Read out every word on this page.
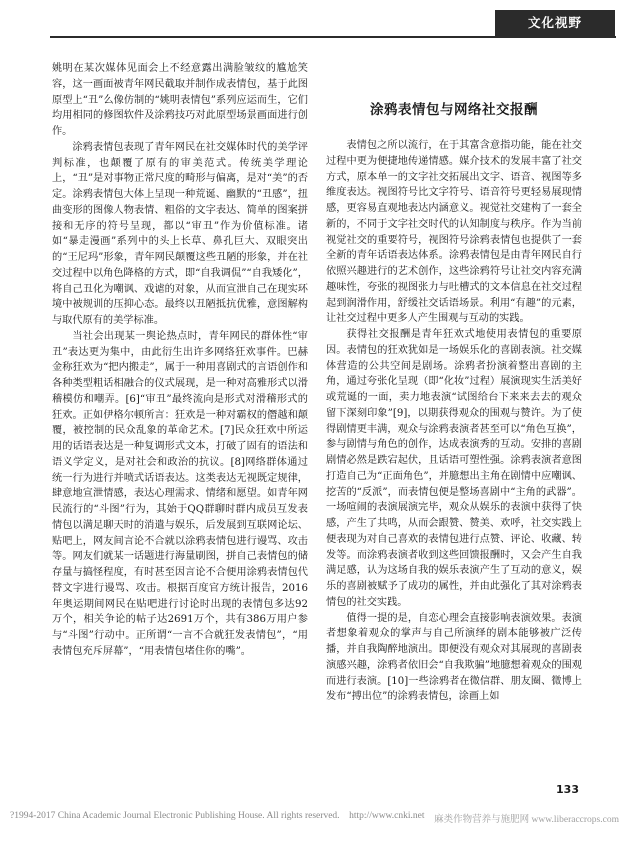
文化视野

姚明在某次媒体见面会上不经意露出满脸皱纹的尴尬笑容，这一画面被青年网民截取并制作成表情包，基于此图原型上“丑”么像仿制的“姚明表情包”系列应运而生，它们均用相同的修图软件及涂鸦技巧对此原型场景画面进行创作。

涂鸦表情包表现了青年网民在社交媒体时代的美学评判标准，也颠覆了原有的审美范式。传统美学理论上，“丑”是对事物正常尺度的畸形与偏离，是对“美”的否定。涂鸦表情包大体上呈现一种荒诞、幽默的“丑感”，扭曲变形的图像人物表情、粗俗的文字表达、简单的图案拼接和无序的符号呈现，都以“审丑”作为价值标准。诸如“暴走漫画”系列中的头上长草、鼻孔巨大、双眼突出的“王尼玛”形象，青年网民颠覆这些丑陋的形象，并在社交过程中以角色降格的方式，即“自我调侃”“自我矮化”，将自己丑化为嘲讽、戏谑的对象，从而宣泄自己在现实环境中被规训的压抑心态。最终以丑陋抵抗优雅，意图解构与取代原有的美学标准。

当社会出现某一舆论热点时，青年网民的群体性“审丑”表达更为集中，由此衍生出许多网络狂欢事件。巴赫金称狂欢为“把内搬走”，属于一种用喜剧式的言语创作和各种类型粗话相融合的仪式展现，是一种对高雅形式以滑稽模仿和嘲弄。[6]“审丑”最终流向是形式对滑稽形式的狂欢。正如伊格尔顿所言：狂欢是一种对霸权的僭越和颠覆，被控制的民众乱象的革命艺术。[7]民众狂欢中所运用的话语表达是一种复调形式文本，打破了固有的语法和语义学定义，是对社会和政治的抗议。[8]网络群体通过统一行为进行并喷式话语表达。这类表达无视既定规律，肆意地宣泄情感，表达心理需求、情绪和愿望。如青年网民流行的“斗图”行为，其始于QQ群聊时群内成员互发表情包以满足聊天时的消遣与娱乐，后发展到互联网论坛、贴吧上，网友间言论不合就以涂鸦表情包进行谩骂、攻击等。网友们就某一话题进行海量刷图，拼自己表情包的储存量与搞怪程度，有时甚至因言论不合便用涂鸦表情包代替文字进行谩骂、攻击。根据百度官方统计报告，2016年奥运期间网民在贴吧进行讨论时出现的表情包多达92万个，相关争论的帖子达2691万个，共有386万用户参与“斗图”行动中。正所谓“一言不合就狂发表情包”，“用表情包充斥屏幕”，“用表情包堵住你的嘴”。

涂鸦表情包与网络社交报酬

表情包之所以流行，在于其富含意指功能，能在社交过程中更为便捷地传递情感。媒介技术的发展丰富了社交方式，原本单一的文字社交拓展出文字、语音、视图等多维度表达。视图符号比文字符号、语音符号更轻易展现情感，更容易直观地表达内涵意义。视觉社交建构了一套全新的，不同于文字社交时代的认知制度与秩序。作为当前视觉社交的重要符号，视图符号涂鸦表情包也提供了一套全新的青年话语表达体系。涂鸦表情包是由青年网民自行依照兴趣进行的艺术创作，这些涂鸦符号让社交内容充满趣味性，夸张的视图张力与吐槽式的文本信息在社交过程起到润滑作用，舒缓社交话语场景。利用“有趣”的元素，让社交过程中更多人产生围观与互动的实践。

获得社交报酬是青年狂欢式地使用表情包的重要原因。表情包的狂欢犹如是一场娱乐化的喜剧表演。社交媒体营造的公共空间是剧场。涂鸦者扮演着整出喜剧的主角，通过夸张化呈现（即“化妆”过程）展演现实生活美好或荒诞的一面，卖力地表演“试图给台下来来去去的观众留下深刻印象”[9]，以期获得观众的围观与赞许。为了使得剧情更丰满，观众与涂鸦表演者甚至可以“角色互换”，参与剧情与角色的创作，达成表演秀的互动。安排的喜剧剧情必然是跌宕起伏，且话语可塑性强。涂鸦表演者意图打造自己为“正面角色”，并臆想出主角在剧情中应嘲讽、挖苦的“反派”，而表情包便是整场喜剧中“主角的武器”。一场喧闹的表演展演完毕，观众从娱乐的表演中获得了快感，产生了共鸣，从而会跟赞、赞美、欢呼，社交实践上便表现为对自己喜欢的表情包进行点赞、评论、收藏、转发等。而涂鸦表演者收到这些回馈报酬时，又会产生自我满足感，认为这场自我的娱乐表演产生了互动的意义，娱乐的喜剧被赋予了成功的属性，并由此强化了其对涂鸦表情包的社交实践。

值得一提的是，自恋心理会直接影响表演效果。表演者想象着观众的掌声与自己所演绎的剧本能够被广泛传播，并自我陶醉地演出。即便没有观众对其展现的喜剧表演感兴趣，涂鸦者依旧会“自我欺骗”地臆想着观众的围观而进行表演。[10]一些涂鸦者在微信群、朋友圈、微博上发布“搏出位”的涂鸦表情包，涂画上如

133
?1994-2017 China Academic Journal Electronic Publishing House. All rights reserved. http://www.cnki.net 麻类作物营养与施肥网 www.liberaccrops.com
